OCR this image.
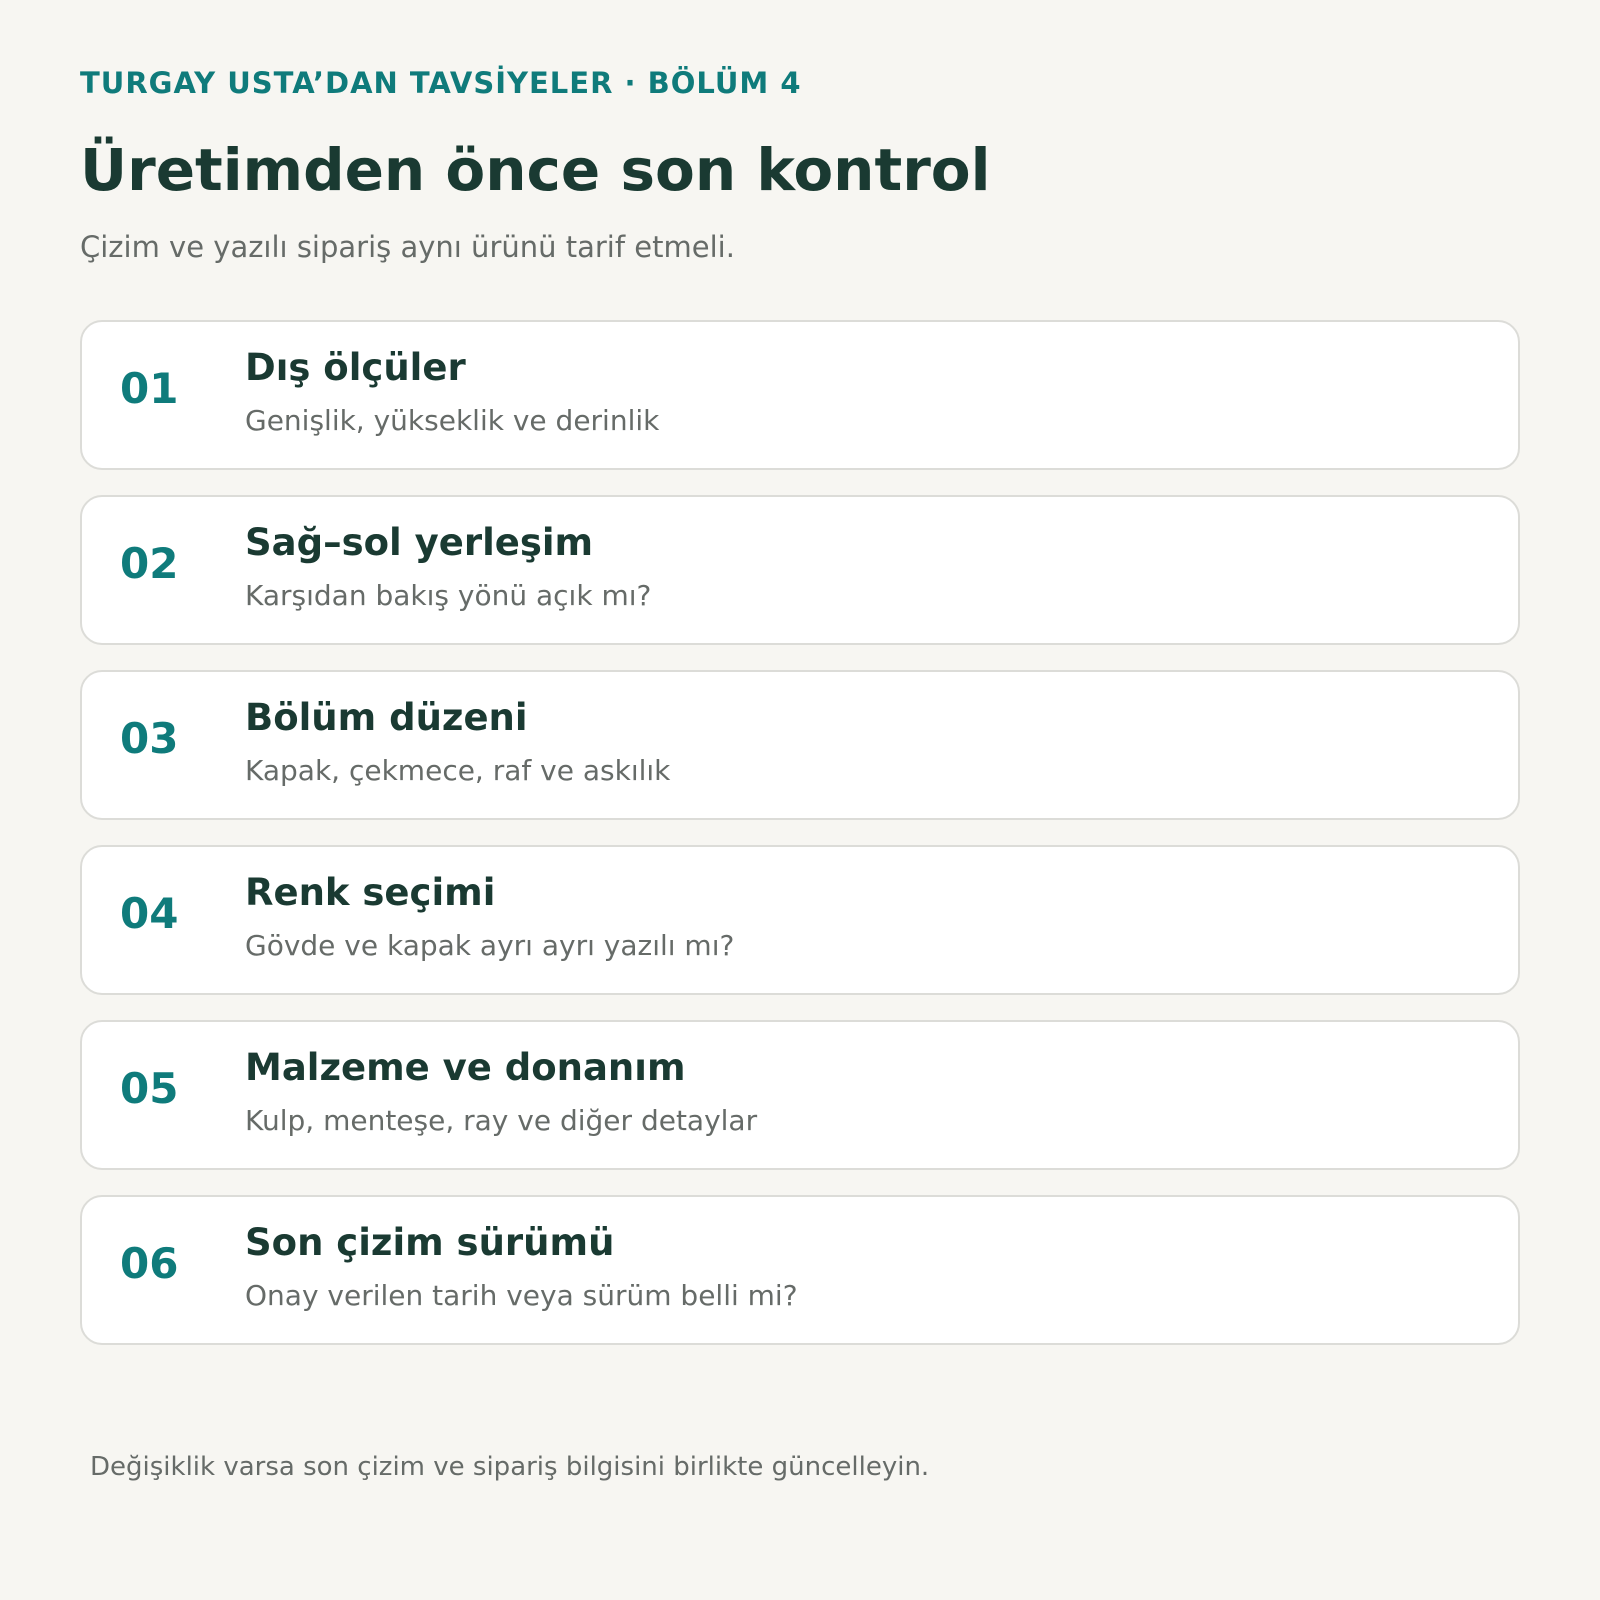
TURGAY USTA’DAN TAVSİYELER · BÖLÜM 4
Üretimden önce son kontrol
Çizim ve yazılı sipariş aynı ürünü tarif etmeli.
01 Dış ölçüler
Genişlik, yükseklik ve derinlik
02 Sağ–sol yerleşim
Karşıdan bakış yönü açık mı?
03 Bölüm düzeni
Kapak, çekmece, raf ve askılık
04 Renk seçimi
Gövde ve kapak ayrı ayrı yazılı mı?
05 Malzeme ve donanım
Kulp, menteşe, ray ve diğer detaylar
06 Son çizim sürümü
Onay verilen tarih veya sürüm belli mi?
Değişiklik varsa son çizim ve sipariş bilgisini birlikte güncelleyin.
